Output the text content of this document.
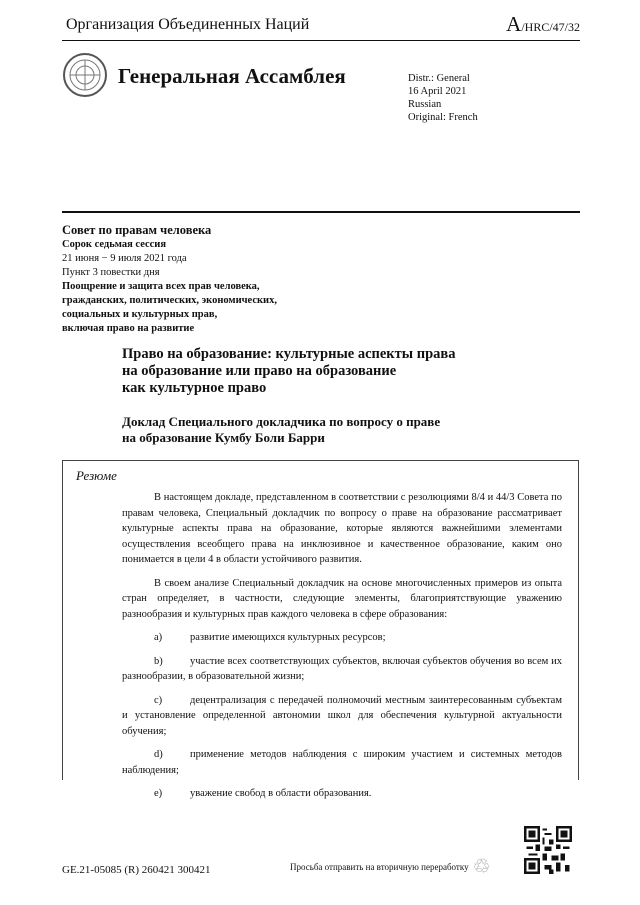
Организация Объединенных Наций	A/HRC/47/32
Генеральная Ассамблея	Distr.: General
16 April 2021
Russian
Original: French
Совет по правам человека
Сорок седьмая сессия
21 июня − 9 июля 2021 года
Пункт 3 повестки дня
Поощрение и защита всех прав человека,
гражданских, политических, экономических,
социальных и культурных прав,
включая право на развитие
Право на образование: культурные аспекты права
на образование или право на образование
как культурное право
Доклад Специального докладчика по вопросу о праве
на образование Кумбу Боли Барри
Резюме

В настоящем докладе, представленном в соответствии с резолюциями 8/4 и 44/3 Совета по правам человека, Специальный докладчик по вопросу о праве на образование рассматривает культурные аспекты права на образование, которые являются важнейшими элементами осуществления всеобщего права на инклюзивное и качественное образование, каким оно понимается в цели 4 в области устойчивого развития.

В своем анализе Специальный докладчик на основе многочисленных примеров из опыта стран определяет, в частности, следующие элементы, благоприятствующие уважению разнообразия и культурных прав каждого человека в сфере образования:

a)	развитие имеющихся культурных ресурсов;

b)	участие всех соответствующих субъектов, включая субъектов обучения во всем их разнообразии, в образовательной жизни;

c)	децентрализация с передачей полномочий местным заинтересованным субъектам и установление определенной автономии школ для обеспечения культурной актуальности обучения;

d)	применение методов наблюдения с широким участием и системных методов наблюдения;

e)	уважение свобод в области образования.

GE.21-05085 (R) 260421 300421	Просьба отправить на вторичную переработку ♲
